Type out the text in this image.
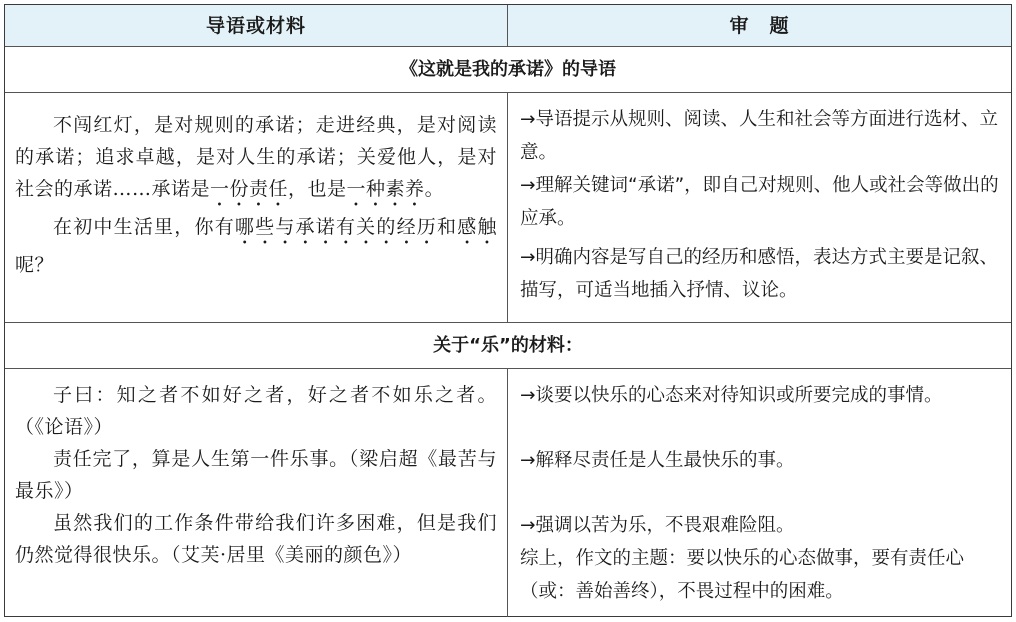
导语或材料	审　题
《这就是我的承诺》的导语

不闯红灯，是对规则的承诺；走进经典，是对阅读的承诺；追求卓越，是对人生的承诺；关爱他人，是对社会的承诺……承诺是一份责任，也是一种素养。

在初中生活里，你有哪些与承诺有关的经历和感触呢？

→导语提示从规则、阅读、人生和社会等方面进行选材、立意。

→理解关键词“承诺”，即自己对规则、他人或社会等做出的应承。

→明确内容是写自己的经历和感悟，表达方式主要是记叙、描写，可适当地插入抒情、议论。

关于“乐”的材料：

子曰：知之者不如好之者，好之者不如乐之者。（《论语》）

责任完了，算是人生第一件乐事。（梁启超《最苦与最乐》）

虽然我们的工作条件带给我们许多困难，但是我们仍然觉得很快乐。（艾芙·居里《美丽的颜色》）

→谈要以快乐的心态来对待知识或所要完成的事情。

→解释尽责任是人生最快乐的事。

→强调以苦为乐，不畏艰难险阻。

综上，作文的主题：要以快乐的心态做事，要有责任心（或：善始善终），不畏过程中的困难。
